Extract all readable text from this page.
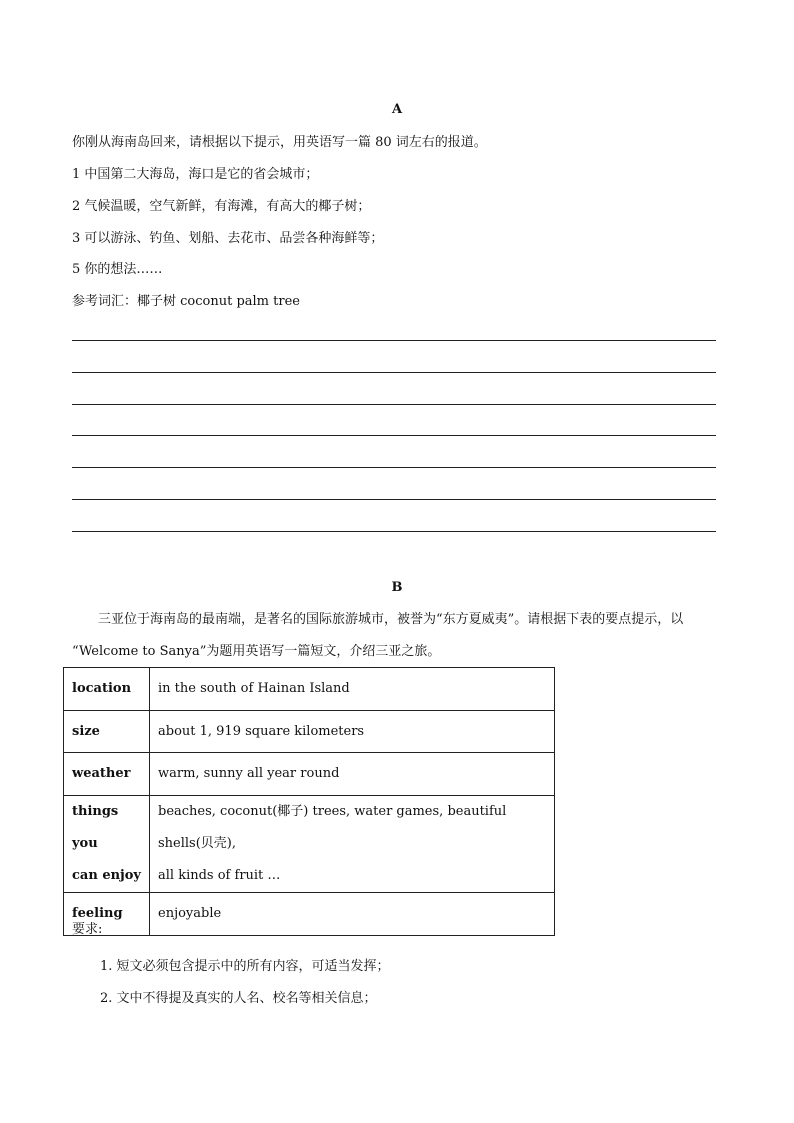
A
你刚从海南岛回来，请根据以下提示，用英语写一篇 80 词左右的报道。
1 中国第二大海岛，海口是它的省会城市；
2 气候温暖，空气新鲜，有海滩，有高大的椰子树；
3 可以游泳、钓鱼、划船、去花市、品尝各种海鲜等；
5 你的想法……
参考词汇：椰子树 coconut palm tree
B
三亚位于海南岛的最南端，是著名的国际旅游城市，被誉为“东方夏威夷”。请根据下表的要点提示，以
“Welcome to Sanya”为题用英语写一篇短文，介绍三亚之旅。
location	in the south of Hainan Island

size	about 1, 919 square kilometers

weather	warm, sunny all year round

things you
can enjoy	beaches, coconut(椰子) trees, water games, beautiful shells(贝壳),
all kinds of fruit …

feeling	enjoyable
要求:
1. 短文必须包含提示中的所有内容，可适当发挥；
2. 文中不得提及真实的人名、校名等相关信息；
